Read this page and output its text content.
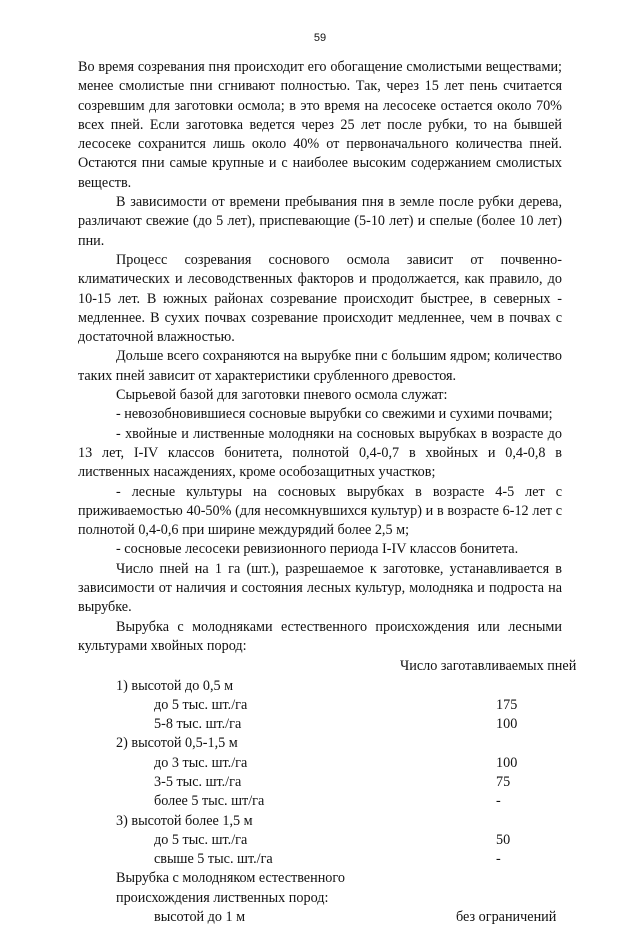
59

Во время созревания пня происходит его обогащение смолистыми веществами; менее смолистые пни сгнивают полностью. Так, через 15 лет пень считается созревшим для заготовки осмола; в это время на лесосеке остается около 70% всех пней. Если заготовка ведется через 25 лет после рубки, то на бывшей лесосеке сохранится лишь около 40% от первоначального количества пней. Остаются пни самые крупные и с наиболее высоким содержанием смолистых веществ.

В зависимости от времени пребывания пня в земле после рубки дерева, различают свежие (до 5 лет), приспевающие (5-10 лет) и спелые (более 10 лет) пни.

Процесс созревания соснового осмола зависит от почвенно-климатических и лесоводственных факторов и продолжается, как правило, до 10-15 лет. В южных районах созревание происходит быстрее, в северных - медленнее. В сухих почвах созревание происходит медленнее, чем в почвах с достаточной влажностью.

Дольше всего сохраняются на вырубке пни с большим ядром; количество таких пней зависит от характеристики срубленного древостоя.

Сырьевой базой для заготовки пневого осмола служат:

- невозобновившиеся сосновые вырубки со свежими и сухими почвами;

- хвойные и лиственные молодняки на сосновых вырубках в возрасте до 13 лет, I-IV классов бонитета, полнотой 0,4-0,7 в хвойных и 0,4-0,8 в лиственных насаждениях, кроме особозащитных участков;

- лесные культуры на сосновых вырубках в возрасте 4-5 лет с приживаемостью 40-50% (для несомкнувшихся культур) и в возрасте 6-12 лет с полнотой 0,4-0,6 при ширине междурядий более 2,5 м;

- сосновые лесосеки ревизионного периода I-IV классов бонитета.

Число пней на 1 га (шт.), разрешаемое к заготовке, устанавливается в зависимости от наличия и состояния лесных культур, молодняка и подроста на вырубке.

Вырубка с молодняками естественного происхождения или лесными культурами хвойных пород:

Число заготавливаемых пней
1) высотой до 0,5 м
до 5 тыс. шт./га	175
5-8 тыс. шт./га	100
2) высотой 0,5-1,5 м
до 3 тыс. шт./га	100
3-5 тыс. шт./га	75
более 5 тыс. шт/га	-
3) высотой более 1,5 м
до 5 тыс. шт./га	50
свыше 5 тыс. шт./га	-
Вырубка с молодняком естественного
происхождения лиственных пород:
высотой до 1 м	без ограничений
